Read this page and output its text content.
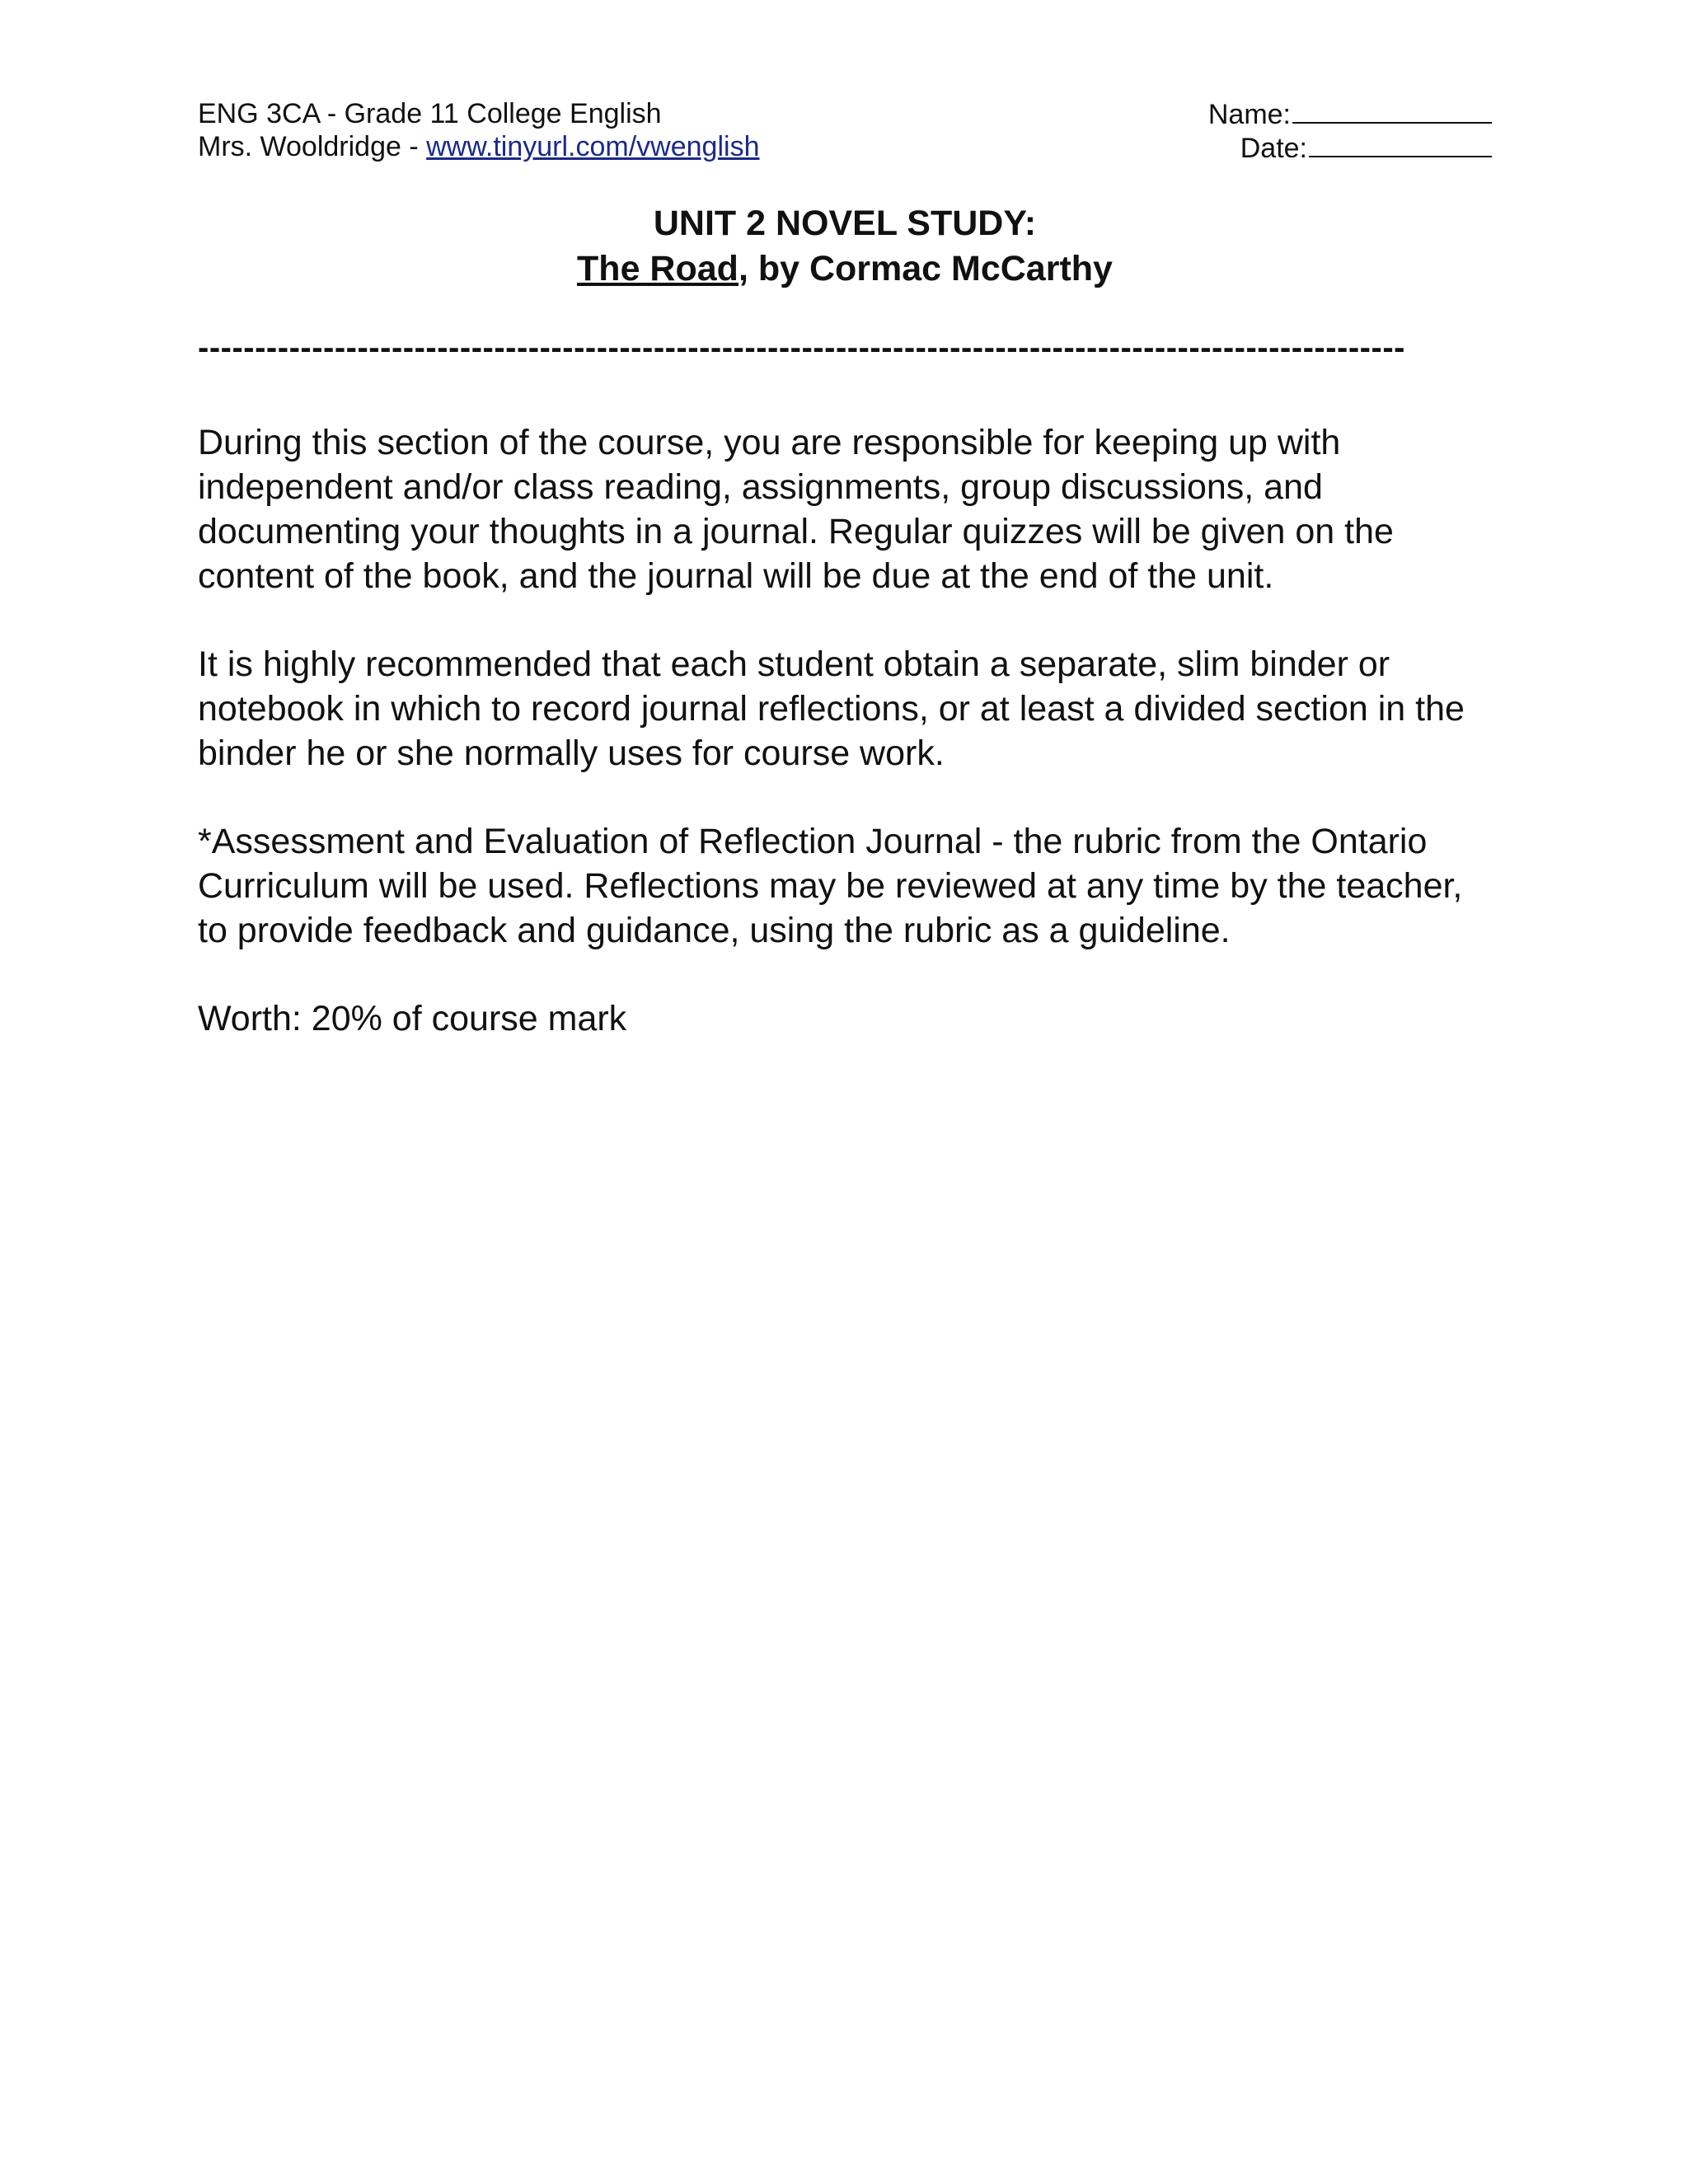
ENG 3CA - Grade 11 College English
Mrs. Wooldridge - www.tinyurl.com/vwenglish
Name:
Date:
UNIT 2 NOVEL STUDY:
The Road, by Cormac McCarthy
----------------------------------------------------------------------------------------------------------

During this section of the course, you are responsible for keeping up with independent and/or class reading, assignments, group discussions, and documenting your thoughts in a journal. Regular quizzes will be given on the content of the book, and the journal will be due at the end of the unit.

It is highly recommended that each student obtain a separate, slim binder or notebook in which to record journal reflections, or at least a divided section in the binder he or she normally uses for course work.

*Assessment and Evaluation of Reflection Journal - the rubric from the Ontario Curriculum will be used. Reflections may be reviewed at any time by the teacher, to provide feedback and guidance, using the rubric as a guideline.

Worth: 20% of course mark
